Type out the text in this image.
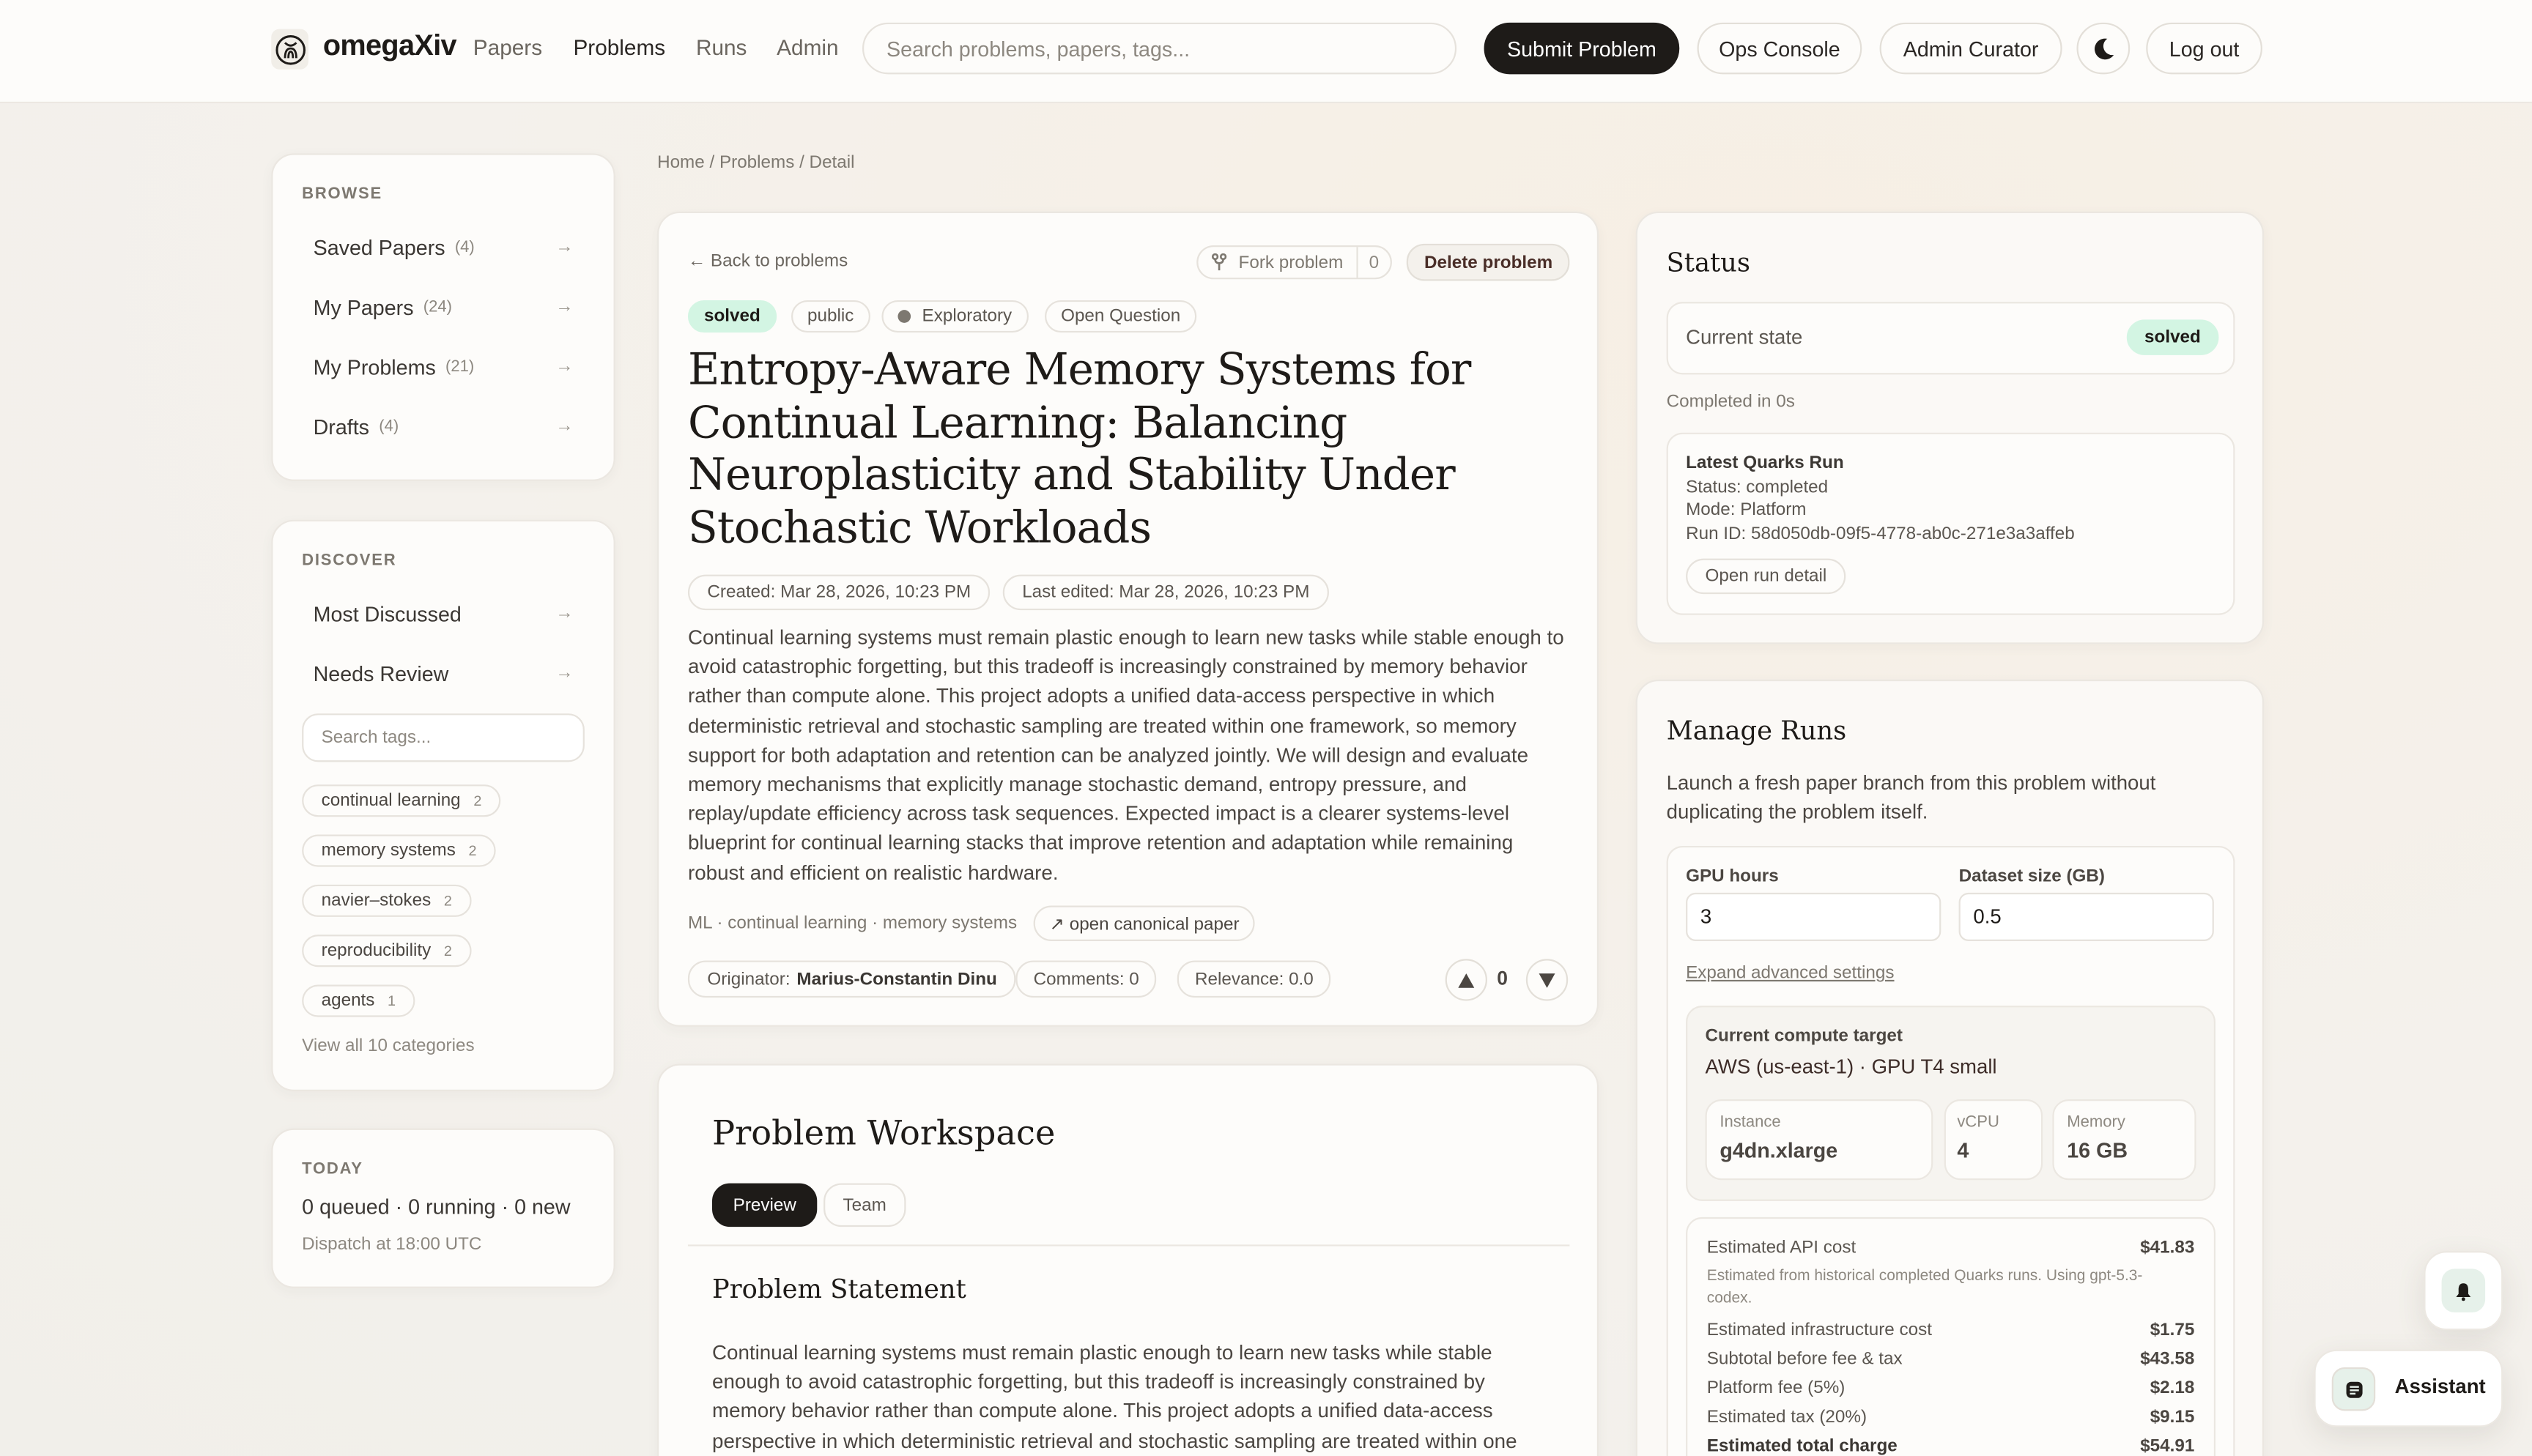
omegaXiv Papers	Problems	Runs	Admin	Search problems, papers, tags...	Submit Problem	Ops Console	Admin Curator	Log out
BROWSE
Saved Papers (4)	→
My Papers (24)	→
My Problems (21)	→
Drafts (4)	→
DISCOVER
Most Discussed	→
Needs Review	→
Search tags...
continual learning 2
memory systems 2
navier–stokes 2
reproducibility 2
agents 1
View all 10 categories
TODAY
0 queued · 0 running · 0 new
Dispatch at 18:00 UTC
Home / Problems / Detail
← Back to problems	Fork problem	0	Delete problem
solved	public	Exploratory	Open Question
Entropy-Aware Memory Systems for Continual Learning: Balancing Neuroplasticity and Stability Under Stochastic Workloads
Created: Mar 28, 2026, 10:23 PM	Last edited: Mar 28, 2026, 10:23 PM

Continual learning systems must remain plastic enough to learn new tasks while stable enough to avoid catastrophic forgetting, but this tradeoff is increasingly constrained by memory behavior rather than compute alone. This project adopts a unified data-access perspective in which deterministic retrieval and stochastic sampling are treated within one framework, so memory support for both adaptation and retention can be analyzed jointly. We will design and evaluate memory mechanisms that explicitly manage stochastic demand, entropy pressure, and replay/update efficiency across task sequences. Expected impact is a clearer systems-level blueprint for continual learning stacks that improve retention and adaptation while remaining robust and efficient on realistic hardware.

ML · continual learning · memory systems	↗ open canonical paper
Originator: Marius-Constantin Dinu	Comments: 0	Relevance: 0.0	0
Problem Workspace
Preview	Team
Problem Statement

Continual learning systems must remain plastic enough to learn new tasks while stable enough to avoid catastrophic forgetting, but this tradeoff is increasingly constrained by memory behavior rather than compute alone. This project adopts a unified data-access perspective in which deterministic retrieval and stochastic sampling are treated within one

Status
Current state	solved
Completed in 0s
Latest Quarks Run
Status: completed
Mode: Platform
Run ID: 58d050db-09f5-4778-ab0c-271e3a3affeb
Open run detail
Manage Runs

Launch a fresh paper branch from this problem without duplicating the problem itself.

GPU hours
3
Dataset size (GB)
0.5
Expand advanced settings
Current compute target
AWS (us-east-1) · GPU T4 small
Instance
g4dn.xlarge
vCPU
4
Memory
16 GB
Estimated API cost	$41.83
Estimated from historical completed Quarks runs. Using gpt-5.3-codex.
Estimated infrastructure cost	$1.75
Subtotal before fee & tax	$43.58
Platform fee (5%)	$2.18
Estimated tax (20%)	$9.15
Estimated total charge	$54.91
Assistant
